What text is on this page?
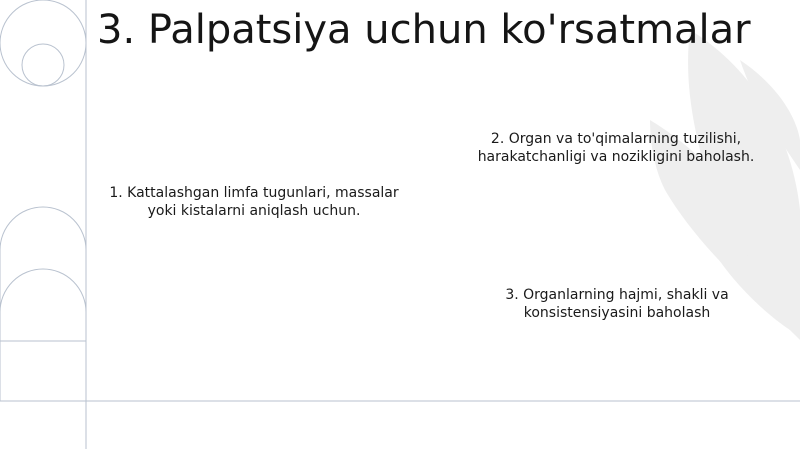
3. Palpatsiya uchun ko'rsatmalar

1. Kattalashgan limfa tugunlari, massalar yoki kistalarni aniqlash uchun.

2. Organ va to'qimalarning tuzilishi, harakatchanligi va nozikligini baholash.

3. Organlarning hajmi, shakli va konsistensiyasini baholash
